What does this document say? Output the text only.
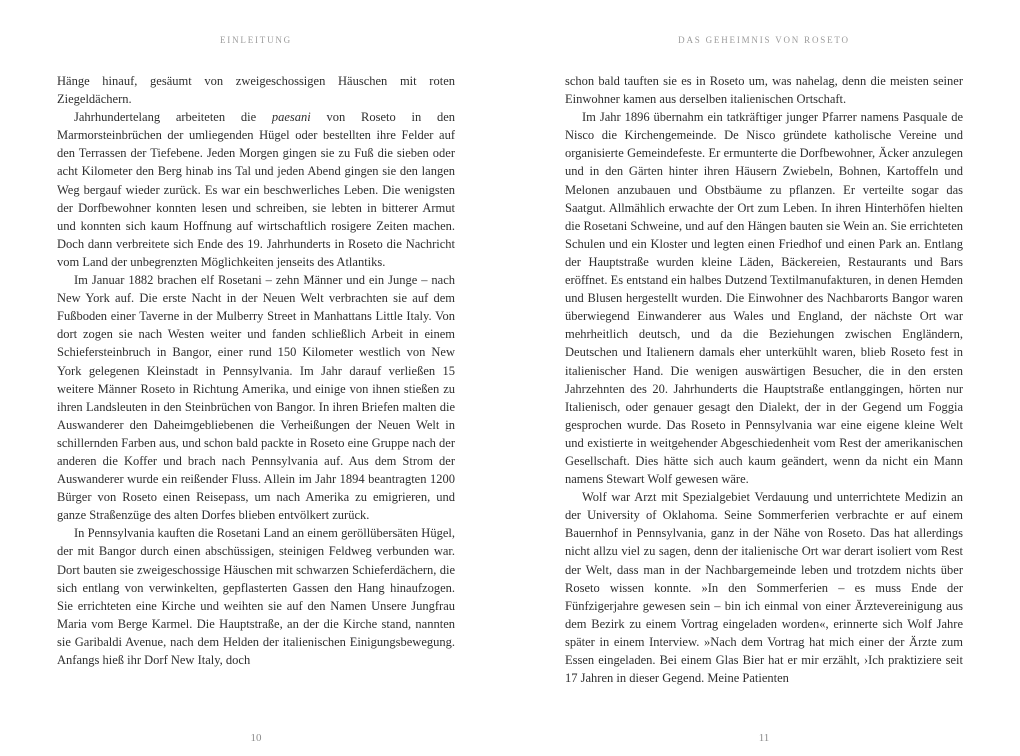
EINLEITUNG

Hänge hinauf, gesäumt von zweigeschossigen Häuschen mit roten Ziegeldächern.

Jahrhundertelang arbeiteten die paesani von Roseto in den Marmorsteinbrüchen der umliegenden Hügel oder bestellten ihre Felder auf den Terrassen der Tiefebene. Jeden Morgen gingen sie zu Fuß die sieben oder acht Kilometer den Berg hinab ins Tal und jeden Abend gingen sie den langen Weg bergauf wieder zurück. Es war ein beschwerliches Leben. Die wenigsten der Dorfbewohner konnten lesen und schreiben, sie lebten in bitterer Armut und konnten sich kaum Hoffnung auf wirtschaftlich rosigere Zeiten machen. Doch dann verbreitete sich Ende des 19. Jahrhunderts in Roseto die Nachricht vom Land der unbegrenzten Möglichkeiten jenseits des Atlantiks.

Im Januar 1882 brachen elf Rosetani – zehn Männer und ein Junge – nach New York auf. Die erste Nacht in der Neuen Welt verbrachten sie auf dem Fußboden einer Taverne in der Mulberry Street in Manhattans Little Italy. Von dort zogen sie nach Westen weiter und fanden schließlich Arbeit in einem Schiefersteinbruch in Bangor, einer rund 150 Kilometer westlich von New York gelegenen Kleinstadt in Pennsylvania. Im Jahr darauf verließen 15 weitere Männer Roseto in Richtung Amerika, und einige von ihnen stießen zu ihren Landsleuten in den Steinbrüchen von Bangor. In ihren Briefen malten die Auswanderer den Daheimgebliebenen die Verheißungen der Neuen Welt in schillernden Farben aus, und schon bald packte in Roseto eine Gruppe nach der anderen die Koffer und brach nach Pennsylvania auf. Aus dem Strom der Auswanderer wurde ein reißender Fluss. Allein im Jahr 1894 beantragten 1200 Bürger von Roseto einen Reisepass, um nach Amerika zu emigrieren, und ganze Straßenzüge des alten Dorfes blieben entvölkert zurück.

In Pennsylvania kauften die Rosetani Land an einem geröllübersäten Hügel, der mit Bangor durch einen abschüssigen, steinigen Feldweg verbunden war. Dort bauten sie zweigeschossige Häuschen mit schwarzen Schieferdächern, die sich entlang von verwinkelten, gepflasterten Gassen den Hang hinaufzogen. Sie errichteten eine Kirche und weihten sie auf den Namen Unsere Jungfrau Maria vom Berge Karmel. Die Hauptstraße, an der die Kirche stand, nannten sie Garibaldi Avenue, nach dem Helden der italienischen Einigungsbewegung. Anfangs hieß ihr Dorf New Italy, doch

10
DAS GEHEIMNIS VON ROSETO

schon bald tauften sie es in Roseto um, was nahelag, denn die meisten seiner Einwohner kamen aus derselben italienischen Ortschaft.

Im Jahr 1896 übernahm ein tatkräftiger junger Pfarrer namens Pasquale de Nisco die Kirchengemeinde. De Nisco gründete katholische Vereine und organisierte Gemeindefeste. Er ermunterte die Dorfbewohner, Äcker anzulegen und in den Gärten hinter ihren Häusern Zwiebeln, Bohnen, Kartoffeln und Melonen anzubauen und Obstbäume zu pflanzen. Er verteilte sogar das Saatgut. Allmählich erwachte der Ort zum Leben. In ihren Hinterhöfen hielten die Rosetani Schweine, und auf den Hängen bauten sie Wein an. Sie errichteten Schulen und ein Kloster und legten einen Friedhof und einen Park an. Entlang der Hauptstraße wurden kleine Läden, Bäckereien, Restaurants und Bars eröffnet. Es entstand ein halbes Dutzend Textilmanufakturen, in denen Hemden und Blusen hergestellt wurden. Die Einwohner des Nachbarorts Bangor waren überwiegend Einwanderer aus Wales und England, der nächste Ort war mehrheitlich deutsch, und da die Beziehungen zwischen Engländern, Deutschen und Italienern damals eher unterkühlt waren, blieb Roseto fest in italienischer Hand. Die wenigen auswärtigen Besucher, die in den ersten Jahrzehnten des 20. Jahrhunderts die Hauptstraße entlanggingen, hörten nur Italienisch, oder genauer gesagt den Dialekt, der in der Gegend um Foggia gesprochen wurde. Das Roseto in Pennsylvania war eine eigene kleine Welt und existierte in weitgehender Abgeschiedenheit vom Rest der amerikanischen Gesellschaft. Dies hätte sich auch kaum geändert, wenn da nicht ein Mann namens Stewart Wolf gewesen wäre.

Wolf war Arzt mit Spezialgebiet Verdauung und unterrichtete Medizin an der University of Oklahoma. Seine Sommerferien verbrachte er auf einem Bauernhof in Pennsylvania, ganz in der Nähe von Roseto. Das hat allerdings nicht allzu viel zu sagen, denn der italienische Ort war derart isoliert vom Rest der Welt, dass man in der Nachbargemeinde leben und trotzdem nichts über Roseto wissen konnte. »In den Sommerferien – es muss Ende der Fünfzigerjahre gewesen sein – bin ich einmal von einer Ärztevereinigung aus dem Bezirk zu einem Vortrag eingeladen worden«, erinnerte sich Wolf Jahre später in einem Interview. »Nach dem Vortrag hat mich einer der Ärzte zum Essen eingeladen. Bei einem Glas Bier hat er mir erzählt, ›Ich praktiziere seit 17 Jahren in dieser Gegend. Meine Patienten

11
